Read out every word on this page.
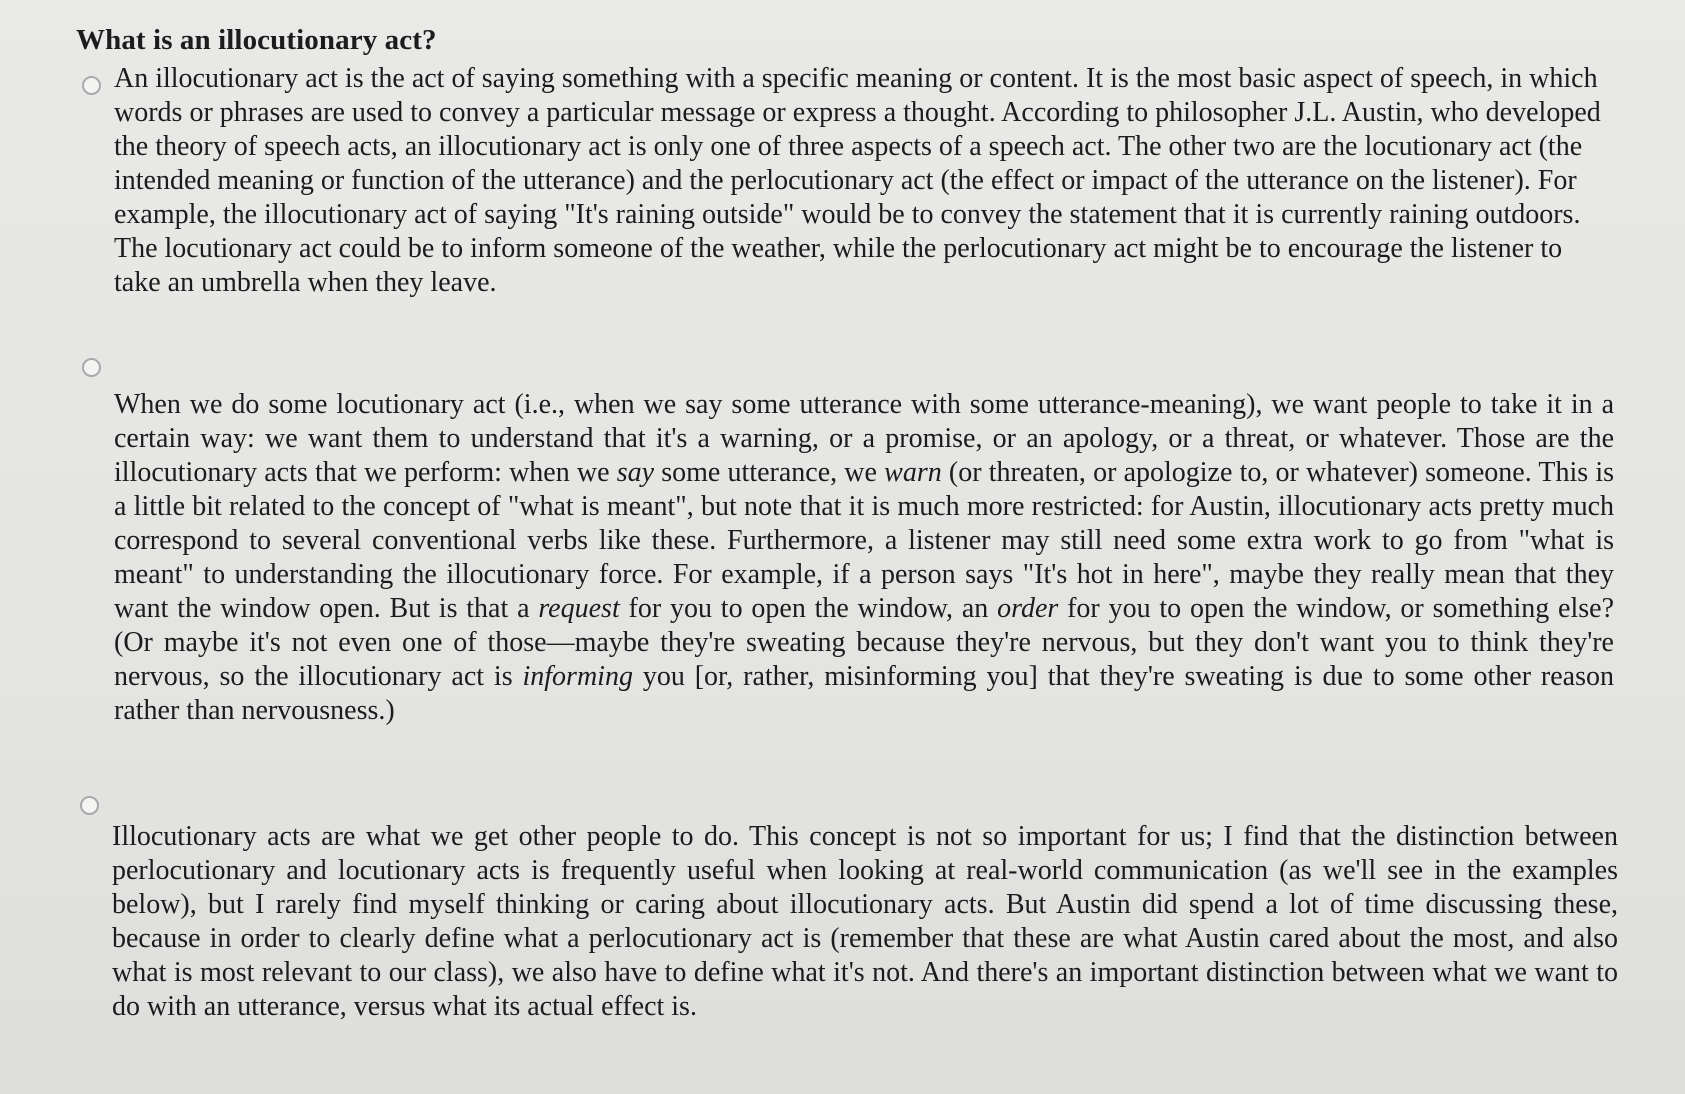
What is an illocutionary act?

An illocutionary act is the act of saying something with a specific meaning or content. It is the most basic aspect of speech, in which words or phrases are used to convey a particular message or express a thought. According to philosopher J.L. Austin, who developed the theory of speech acts, an illocutionary act is only one of three aspects of a speech act. The other two are the locutionary act (the intended meaning or function of the utterance) and the perlocutionary act (the effect or impact of the utterance on the listener). For example, the illocutionary act of saying "It's raining outside" would be to convey the statement that it is currently raining outdoors. The locutionary act could be to inform someone of the weather, while the perlocutionary act might be to encourage the listener to take an umbrella when they leave.

When we do some locutionary act (i.e., when we say some utterance with some utterance-meaning), we want people to take it in a certain way: we want them to understand that it's a warning, or a promise, or an apology, or a threat, or whatever. Those are the illocutionary acts that we perform: when we say some utterance, we warn (or threaten, or apologize to, or whatever) someone. This is a little bit related to the concept of "what is meant", but note that it is much more restricted: for Austin, illocutionary acts pretty much correspond to several conventional verbs like these. Furthermore, a listener may still need some extra work to go from "what is meant" to understanding the illocutionary force. For example, if a person says "It's hot in here", maybe they really mean that they want the window open. But is that a request for you to open the window, an order for you to open the window, or something else? (Or maybe it's not even one of those—maybe they're sweating because they're nervous, but they don't want you to think they're nervous, so the illocutionary act is informing you [or, rather, misinforming you] that they're sweating is due to some other reason rather than nervousness.)

Illocutionary acts are what we get other people to do. This concept is not so important for us; I find that the distinction between perlocutionary and locutionary acts is frequently useful when looking at real-world communication (as we'll see in the examples below), but I rarely find myself thinking or caring about illocutionary acts. But Austin did spend a lot of time discussing these, because in order to clearly define what a perlocutionary act is (remember that these are what Austin cared about the most, and also what is most relevant to our class), we also have to define what it's not. And there's an important distinction between what we want to do with an utterance, versus what its actual effect is.
